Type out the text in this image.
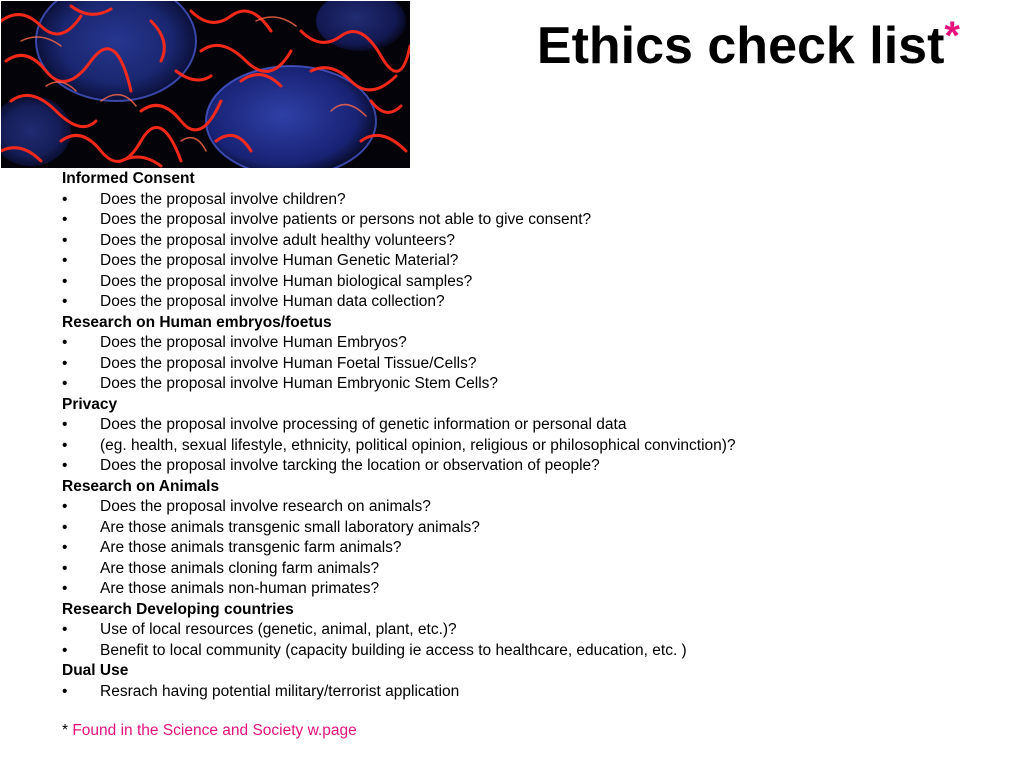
Ethics check list*
Informed Consent
• Does the proposal involve children?
• Does the proposal involve patients or persons not able to give consent?
• Does the proposal involve adult healthy volunteers?
• Does the proposal involve Human Genetic Material?
• Does the proposal involve Human biological samples?
• Does the proposal involve Human data collection?
Research on Human embryos/foetus
• Does the proposal involve Human Embryos?
• Does the proposal involve Human Foetal Tissue/Cells?
• Does the proposal involve Human Embryonic Stem Cells?
Privacy
• Does the proposal involve processing of genetic information or personal data
• (eg. health, sexual lifestyle, ethnicity, political opinion, religious or philosophical convinction)?
• Does the proposal involve tarcking the location or observation of people?
Research on Animals
• Does the proposal involve research on animals?
• Are those animals transgenic small laboratory animals?
• Are those animals transgenic farm animals?
• Are those animals cloning farm animals?
• Are those animals non-human primates?
Research Developing countries
• Use of local resources (genetic, animal, plant, etc.)?
• Benefit to local community (capacity building ie access to healthcare, education, etc. )
Dual Use
• Resrach having potential military/terrorist application
* Found in the Science and Society w.page
